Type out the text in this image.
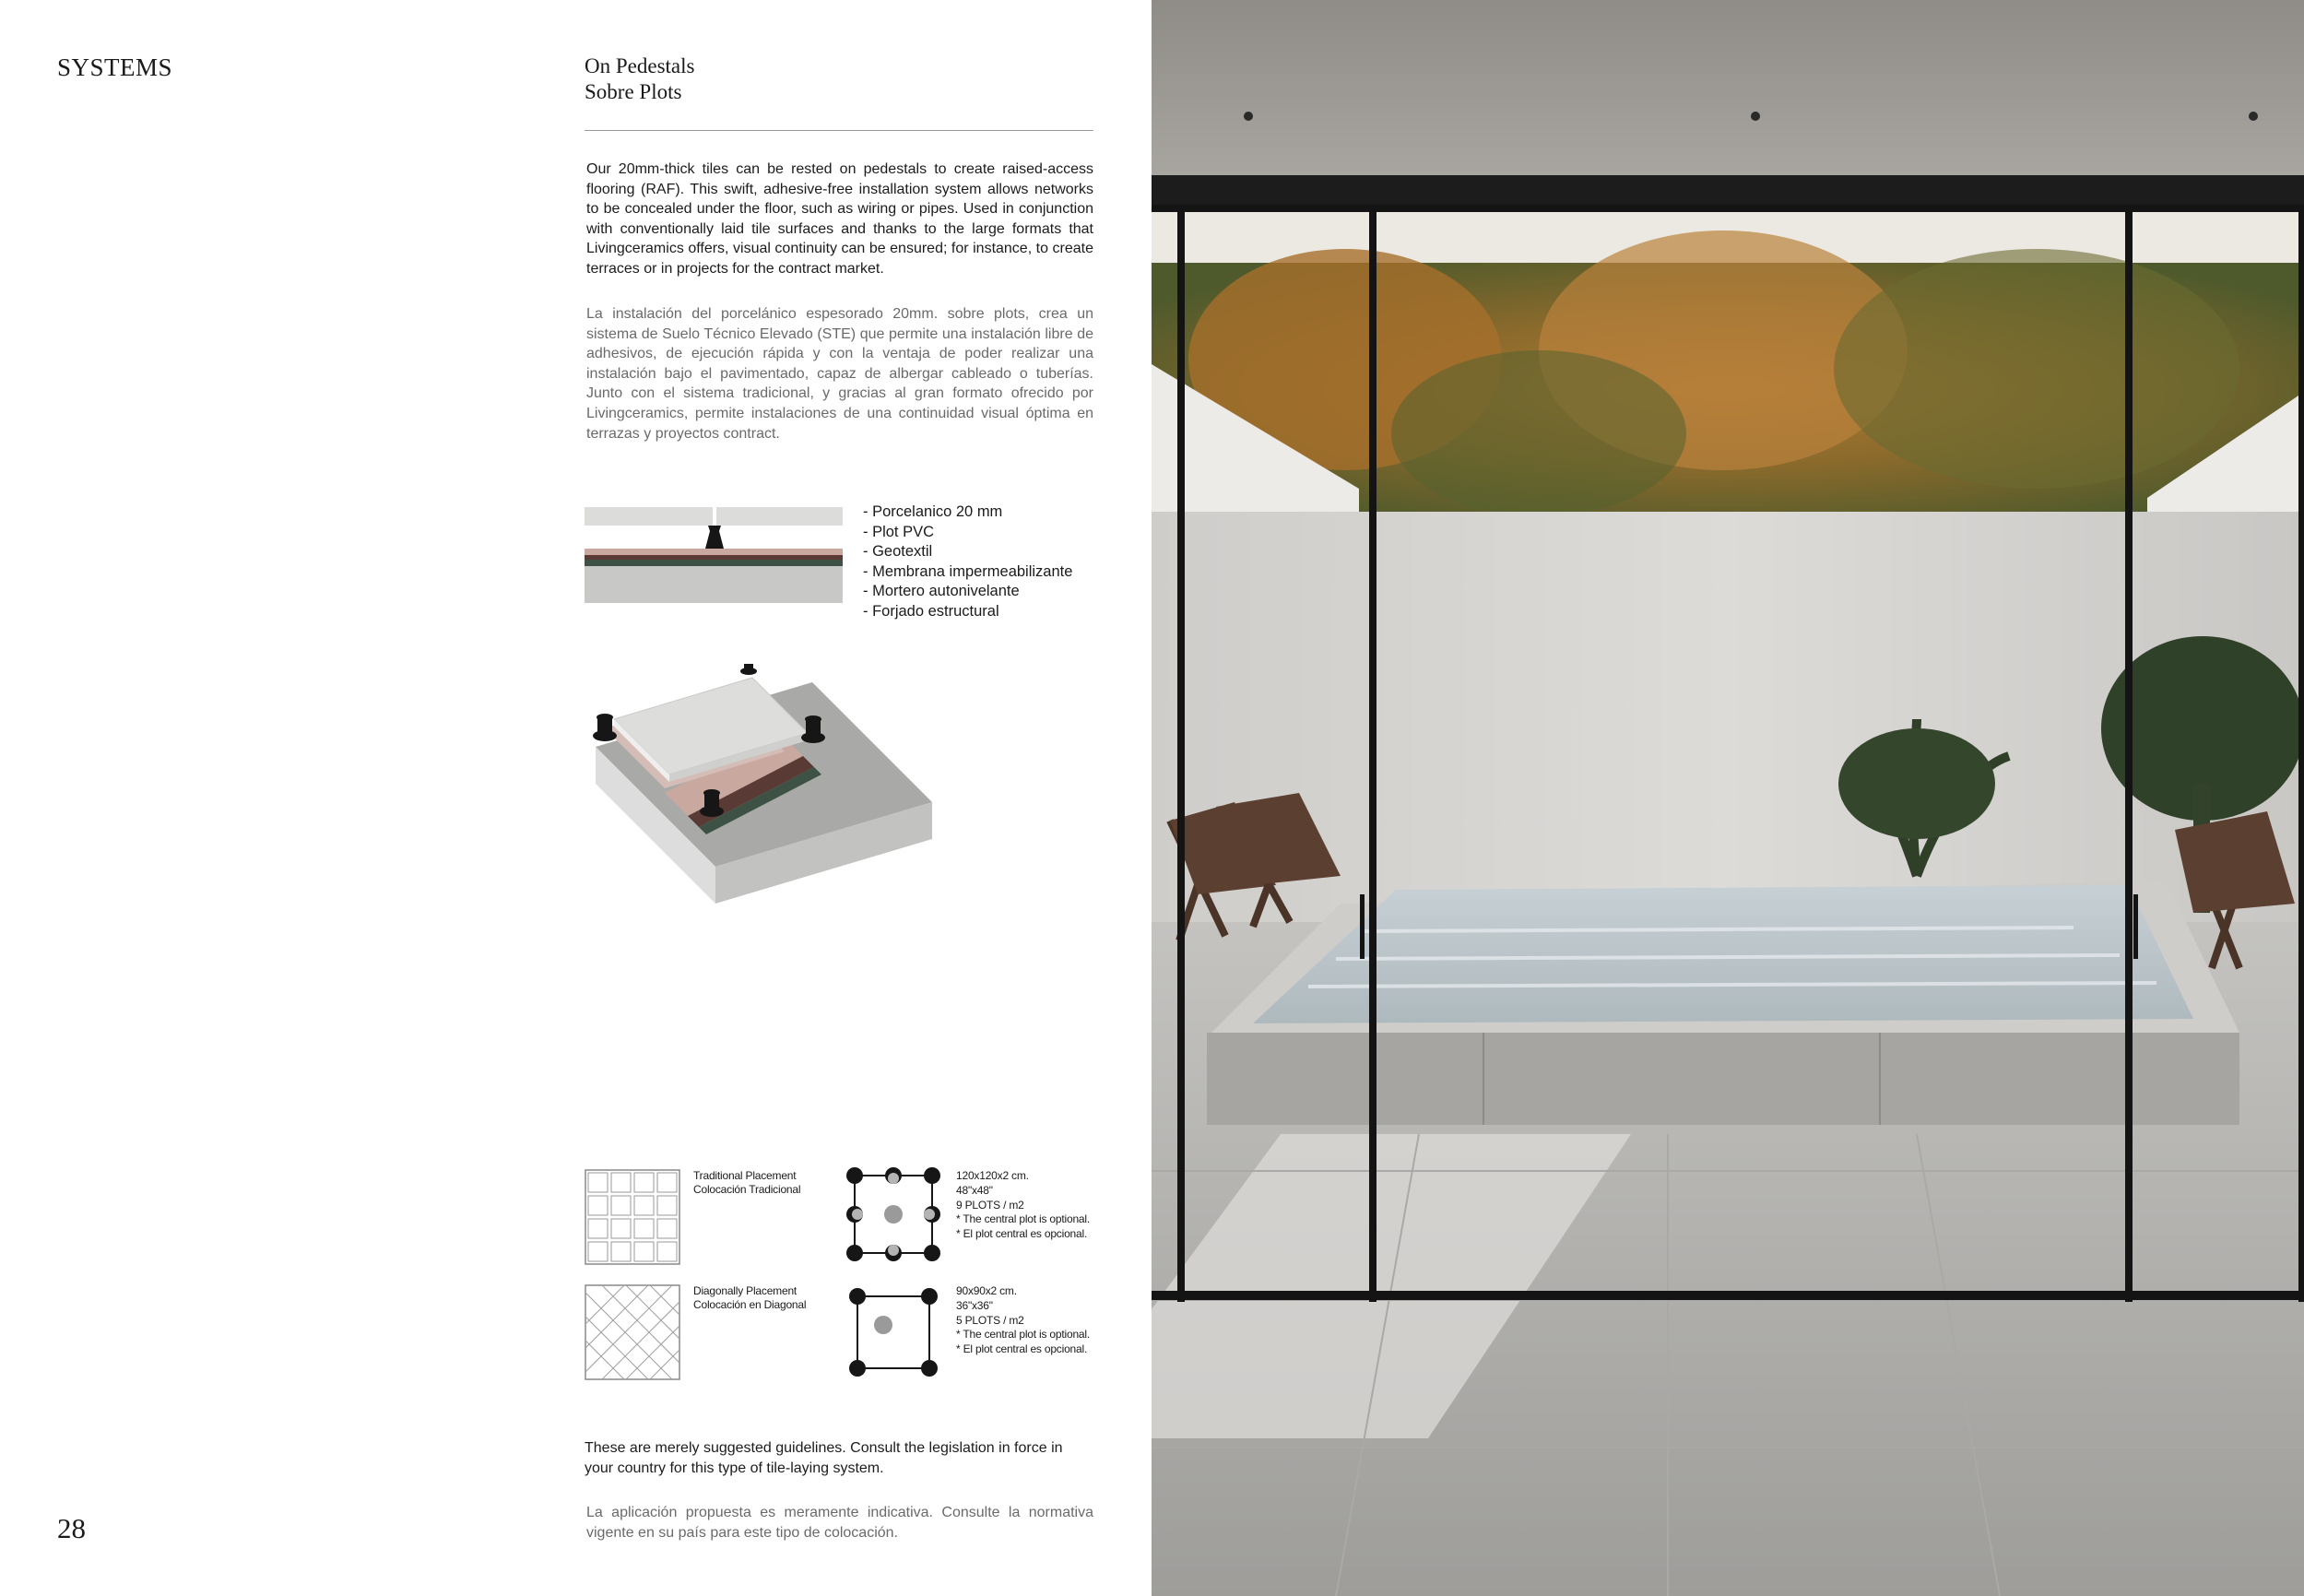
SYSTEMS	On Pedestals
Sobre Plots

Our 20mm-thick tiles can be rested on pedestals to create raised-access flooring (RAF). This swift, adhesive-free installation system allows networks to be concealed under the floor, such as wiring or pipes. Used in conjunction with conventionally laid tile surfaces and thanks to the large formats that Livingceramics offers, visual continuity can be ensured; for instance, to create terraces or in projects for the contract market.

La instalación del porcelánico espesorado 20mm. sobre plots, crea un sistema de Suelo Técnico Elevado (STE) que permite una instalación libre de adhesivos, de ejecución rápida y con la ventaja de poder realizar una instalación bajo el pavimentado, capaz de albergar cableado o tuberías. Junto con el sistema tradicional, y gracias al gran formato ofrecido por Livingceramics, permite instalaciones de una continuidad visual óptima en terrazas y proyectos contract.

- Porcelanico 20 mm
- Plot PVC
- Geotextil
- Membrana impermeabilizante
- Mortero autonivelante
- Forjado estructural
Traditional Placement
Colocación Tradicional
120x120x2 cm.
48"x48"
9 PLOTS / m2
* The central plot is optional.
* El plot central es opcional.
Diagonally Placement
Colocación en Diagonal
90x90x2 cm.
36"x36"
5 PLOTS / m2
* The central plot is optional.
* El plot central es opcional.

These are merely suggested guidelines. Consult the legislation in force in your country for this type of tile-laying system.

La aplicación propuesta es meramente indicativa. Consulte la normativa vigente en su país para este tipo de colocación.

28
